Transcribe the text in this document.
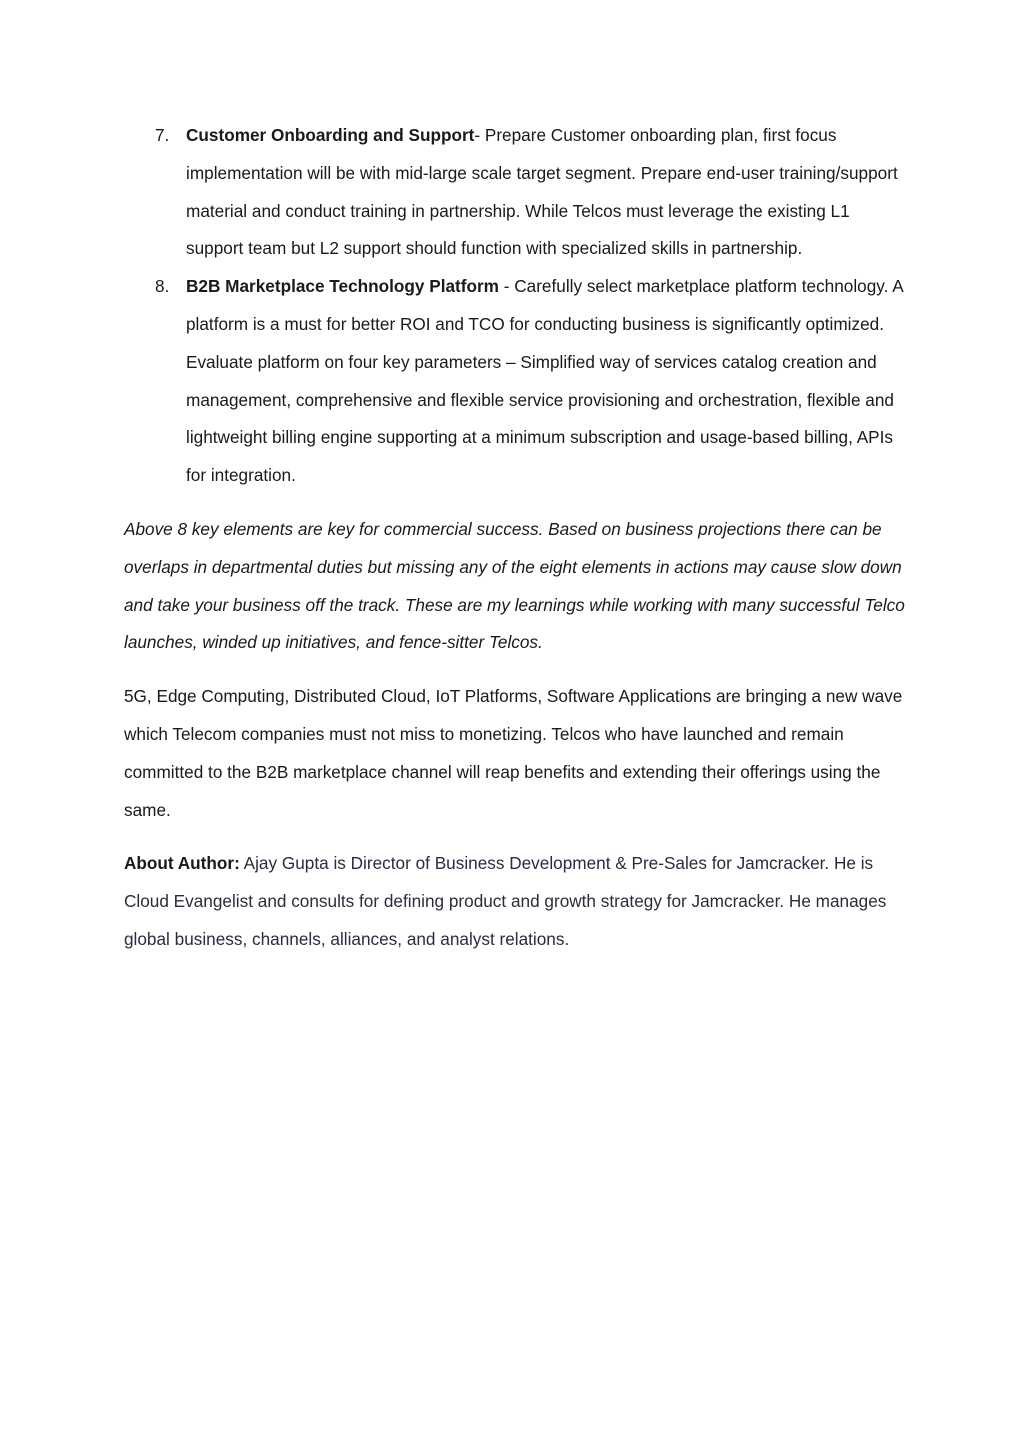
7. Customer Onboarding and Support- Prepare Customer onboarding plan, first focus implementation will be with mid-large scale target segment. Prepare end-user training/support material and conduct training in partnership. While Telcos must leverage the existing L1 support team but L2 support should function with specialized skills in partnership.
8. B2B Marketplace Technology Platform - Carefully select marketplace platform technology. A platform is a must for better ROI and TCO for conducting business is significantly optimized. Evaluate platform on four key parameters – Simplified way of services catalog creation and management, comprehensive and flexible service provisioning and orchestration, flexible and lightweight billing engine supporting at a minimum subscription and usage-based billing, APIs for integration.

Above 8 key elements are key for commercial success. Based on business projections there can be overlaps in departmental duties but missing any of the eight elements in actions may cause slow down and take your business off the track. These are my learnings while working with many successful Telco launches, winded up initiatives, and fence-sitter Telcos.

5G, Edge Computing, Distributed Cloud, IoT Platforms, Software Applications are bringing a new wave which Telecom companies must not miss to monetizing. Telcos who have launched and remain committed to the B2B marketplace channel will reap benefits and extending their offerings using the same.

About Author: Ajay Gupta is Director of Business Development & Pre-Sales for Jamcracker. He is Cloud Evangelist and consults for defining product and growth strategy for Jamcracker. He manages global business, channels, alliances, and analyst relations.
